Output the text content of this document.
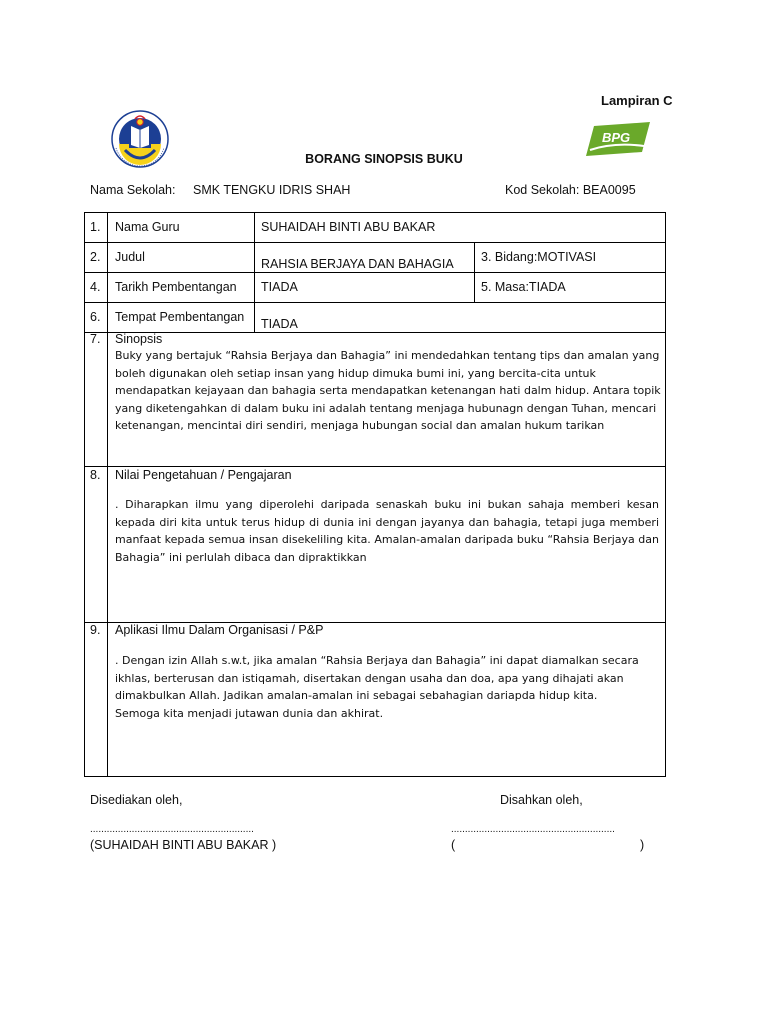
Lampiran C
BPG
BORANG SINOPSIS BUKU
Nama Sekolah: SMK TENGKU IDRIS SHAH	Kod Sekolah: BEA0095
1. Nama Guru	SUHAIDAH BINTI ABU BAKAR
2. Judul	RAHSIA BERJAYA DAN BAHAGIA 3. Bidang:MOTIVASI
4. Tarikh Pembentangan TIADA	5. Masa:TIADA
6. Tempat Pembentangan TIADA
7. Sinopsis
Buky yang bertajuk “Rahsia Berjaya dan Bahagia” ini mendedahkan tentang tips dan amalan yang boleh digunakan oleh setiap insan yang hidup dimuka bumi ini, yang bercita-cita untuk mendapatkan kejayaan dan bahagia serta mendapatkan ketenangan hati dalm hidup. Antara topik yang diketengahkan di dalam buku ini adalah tentang menjaga hubunagn dengan Tuhan, mencari ketenangan, mencintai diri sendiri, menjaga hubungan social dan amalan hukum tarikan
8. Nilai Pengetahuan / Pengajaran
. Diharapkan ilmu yang diperolehi daripada senaskah buku ini bukan sahaja memberi kesan kepada diri kita untuk terus hidup di dunia ini dengan jayanya dan bahagia, tetapi juga memberi manfaat kepada semua insan disekeliling kita. Amalan-amalan daripada buku “Rahsia Berjaya dan Bahagia” ini perlulah dibaca dan dipraktikkan
9. Aplikasi Ilmu Dalam Organisasi / P&P
. Dengan izin Allah s.w.t, jika amalan “Rahsia Berjaya dan Bahagia” ini dapat diamalkan secara ikhlas, berterusan dan istiqamah, disertakan dengan usaha dan doa, apa yang dihajati akan dimakbulkan Allah. Jadikan amalan-amalan ini sebagai sebahagian dariapda hidup kita. Semoga kita menjadi jutawan dunia dan akhirat.
Disediakan oleh,	Disahkan oleh,
...........................................................	...........................................................
(SUHAIDAH BINTI ABU BAKAR )	(	)
